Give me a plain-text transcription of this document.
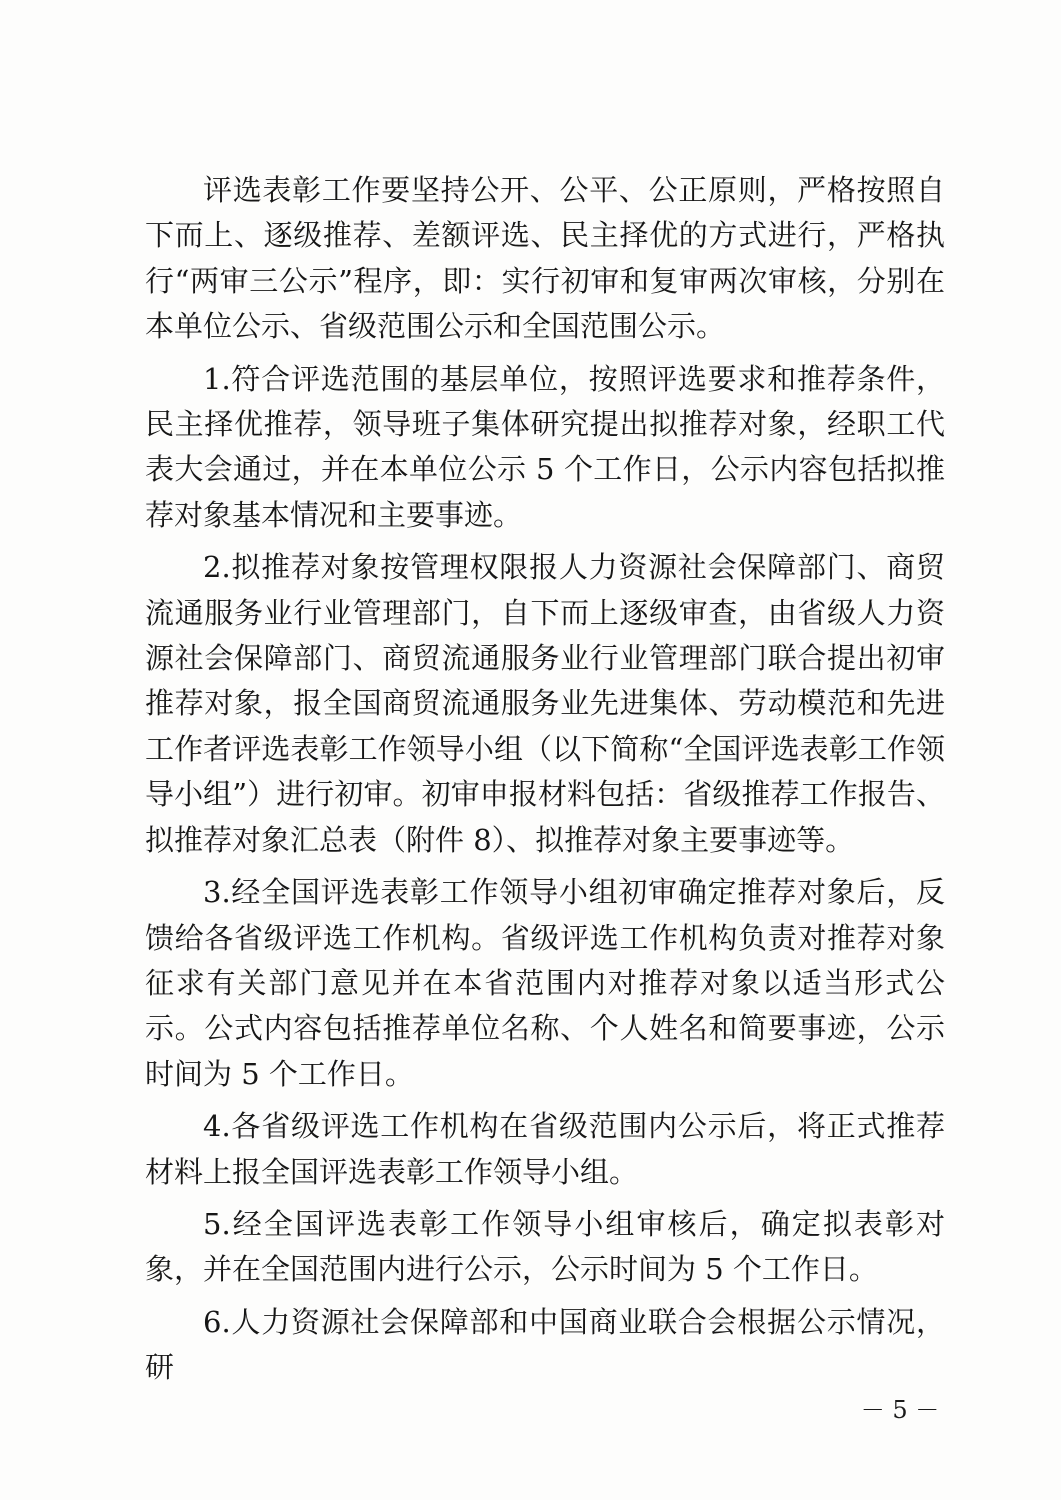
评选表彰工作要坚持公开、公平、公正原则，严格按照自下而上、逐级推荐、差额评选、民主择优的方式进行，严格执行“两审三公示”程序，即：实行初审和复审两次审核，分别在本单位公示、省级范围公示和全国范围公示。

1.符合评选范围的基层单位，按照评选要求和推荐条件，民主择优推荐，领导班子集体研究提出拟推荐对象，经职工代表大会通过，并在本单位公示 5 个工作日，公示内容包括拟推荐对象基本情况和主要事迹。

2.拟推荐对象按管理权限报人力资源社会保障部门、商贸流通服务业行业管理部门，自下而上逐级审查，由省级人力资源社会保障部门、商贸流通服务业行业管理部门联合提出初审推荐对象，报全国商贸流通服务业先进集体、劳动模范和先进工作者评选表彰工作领导小组（以下简称“全国评选表彰工作领导小组”）进行初审。初审申报材料包括：省级推荐工作报告、拟推荐对象汇总表（附件 8）、拟推荐对象主要事迹等。

3.经全国评选表彰工作领导小组初审确定推荐对象后，反馈给各省级评选工作机构。省级评选工作机构负责对推荐对象征求有关部门意见并在本省范围内对推荐对象以适当形式公示。公式内容包括推荐单位名称、个人姓名和简要事迹，公示时间为 5 个工作日。

4.各省级评选工作机构在省级范围内公示后，将正式推荐材料上报全国评选表彰工作领导小组。

5.经全国评选表彰工作领导小组审核后，确定拟表彰对象，并在全国范围内进行公示，公示时间为 5 个工作日。

6.人力资源社会保障部和中国商业联合会根据公示情况，研

－ 5 －
